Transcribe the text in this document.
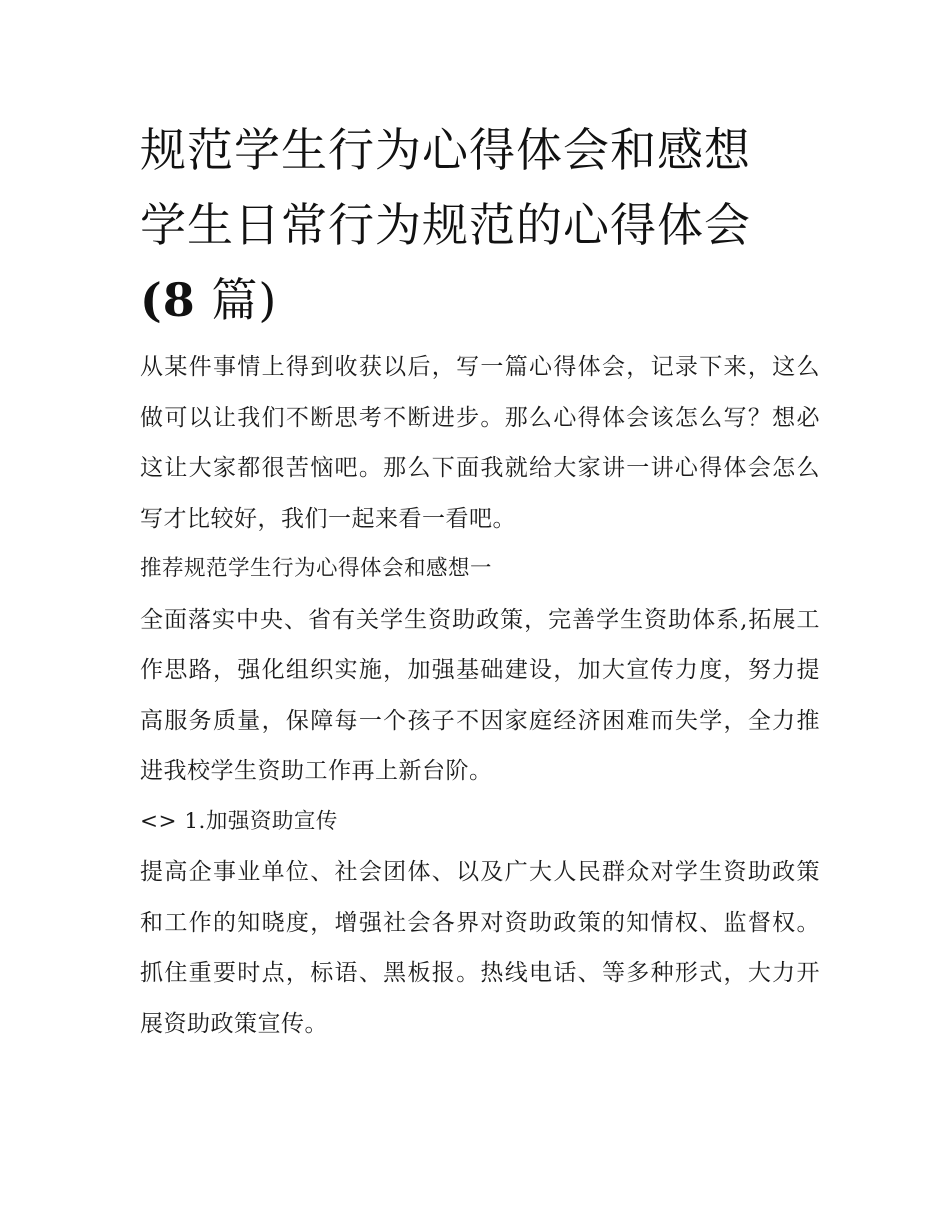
规范学生行为心得体会和感想
学生日常行为规范的心得体会
(8 篇)

从某件事情上得到收获以后，写一篇心得体会，记录下来，这么做可以让我们不断思考不断进步。那么心得体会该怎么写？想必这让大家都很苦恼吧。那么下面我就给大家讲一讲心得体会怎么写才比较好，我们一起来看一看吧。

推荐规范学生行为心得体会和感想一

全面落实中央、省有关学生资助政策，完善学生资助体系,拓展工作思路，强化组织实施，加强基础建设，加大宣传力度，努力提高服务质量，保障每一个孩子不因家庭经济困难而失学，全力推进我校学生资助工作再上新台阶。

<> 1.加强资助宣传

提高企事业单位、社会团体、以及广大人民群众对学生资助政策和工作的知晓度，增强社会各界对资助政策的知情权、监督权。抓住重要时点，标语、黑板报。热线电话、等多种形式，大力开展资助政策宣传。
